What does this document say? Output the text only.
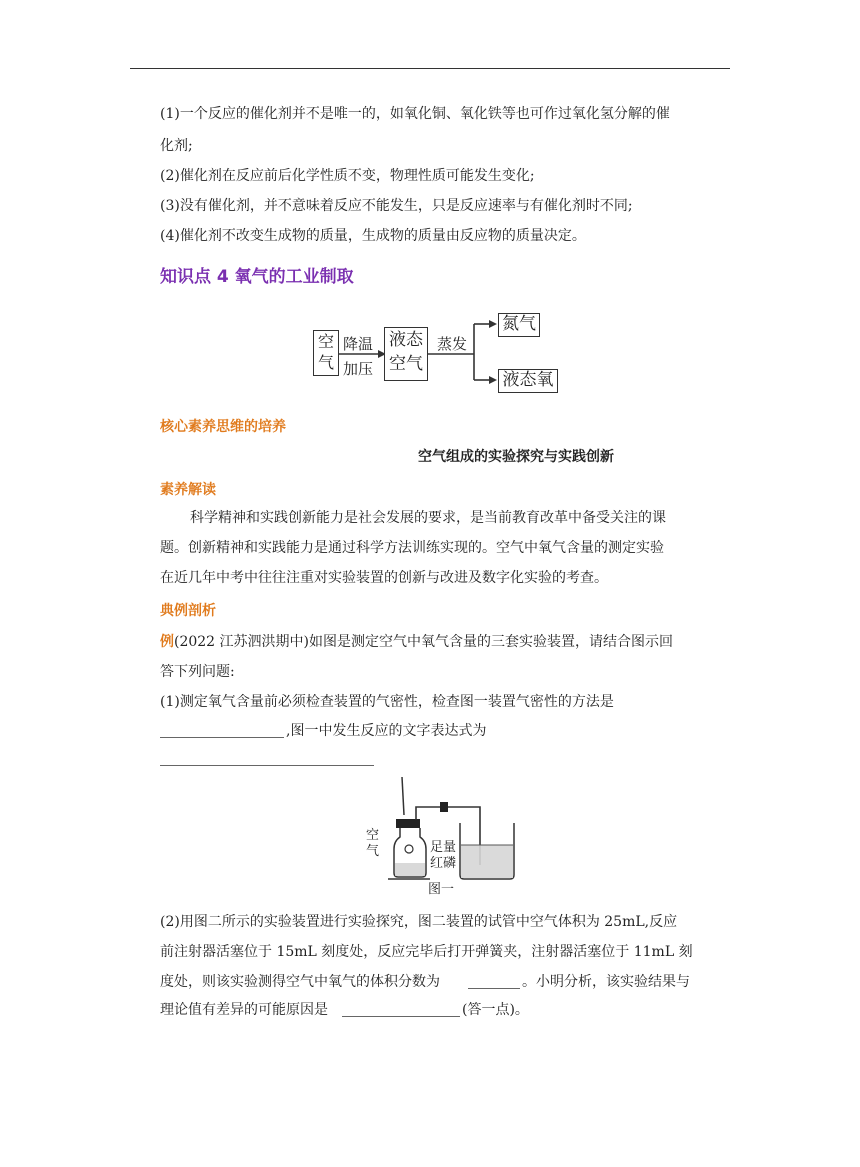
(1)一个反应的催化剂并不是唯一的，如氧化铜、氧化铁等也可作过氧化氢分解的催
化剂;
(2)催化剂在反应前后化学性质不变，物理性质可能发生变化;
(3)没有催化剂，并不意味着反应不能发生，只是反应速率与有催化剂时不同;
(4)催化剂不改变生成物的质量，生成物的质量由反应物的质量决定。
知识点 4 氧气的工业制取
空气
降温
加压
液态
空气
蒸发
氮气
液态氧
核心素养思维的培养
空气组成的实验探究与实践创新
素养解读
科学精神和实践创新能力是社会发展的要求，是当前教育改革中备受关注的课
题。创新精神和实践能力是通过科学方法训练实现的。空气中氧气含量的测定实验
在近几年中考中往往注重对实验装置的创新与改进及数字化实验的考查。
典例剖析
例(2022 江苏泗洪期中)如图是测定空气中氧气含量的三套实验装置，请结合图示回
答下列问题:
(1)测定氧气含量前必须检查装置的气密性，检查图一装置气密性的方法是
,图一中发生反应的文字表达式为
空气	足量
红磷
图一
(2)用图二所示的实验装置进行实验探究，图二装置的试管中空气体积为 25mL,反应
前注射器活塞位于 15mL 刻度处，反应完毕后打开弹簧夹，注射器活塞位于 11mL 刻
度处，则该实验测得空气中氧气的体积分数为	。小明分析，该实验结果与
理论值有差异的可能原因是	(答一点)。
